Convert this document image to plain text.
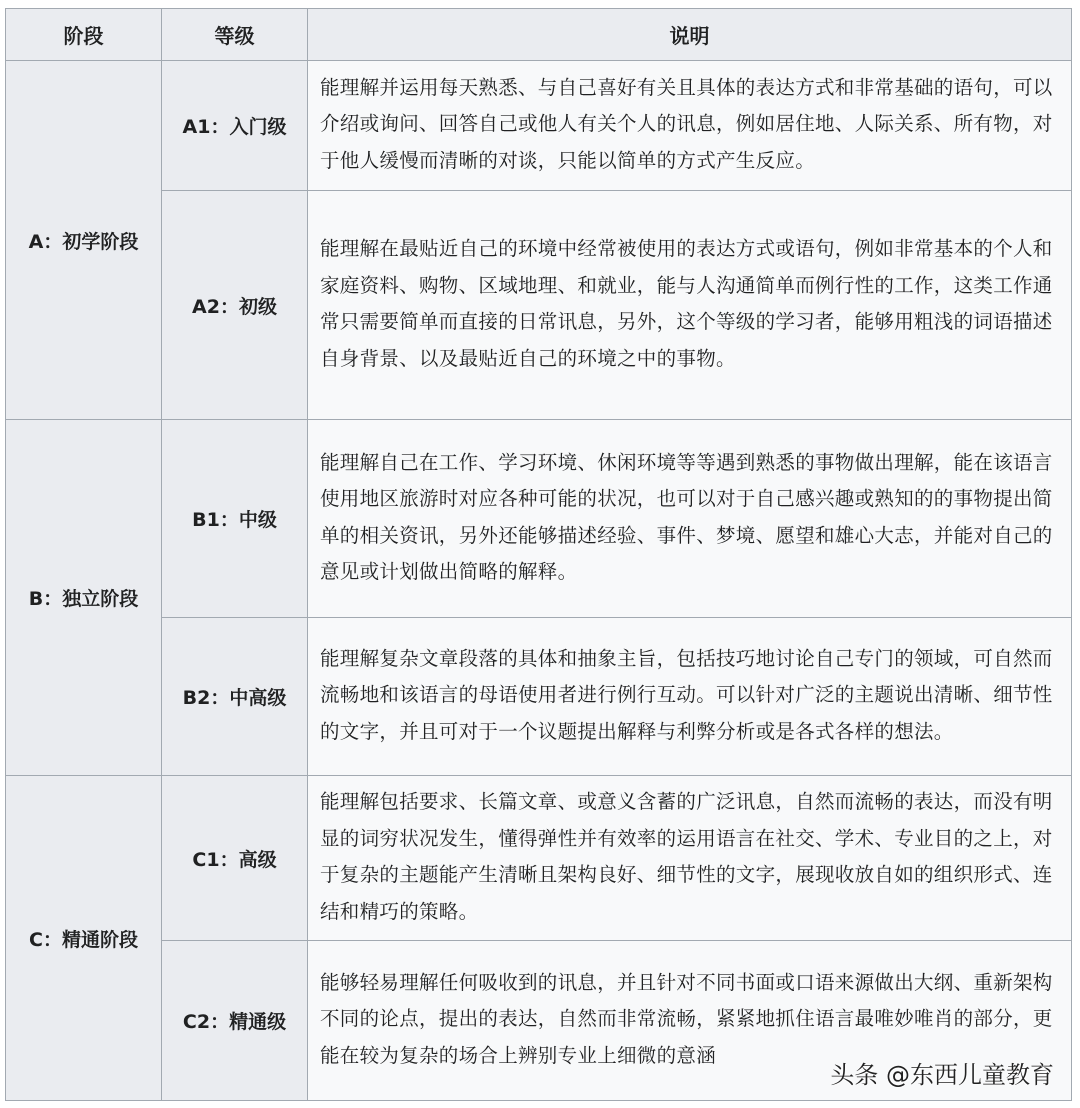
阶段	等级	说明
A：初学阶段	A1：入门级	能理解并运用每天熟悉、与自己喜好有关且具体的表达方式和非常基础的语句，可以介绍或询问、回答自己或他人有关个人的讯息，例如居住地、人际关系、所有物，对于他人缓慢而清晰的对谈，只能以简单的方式产生反应。
	A2：初级	能理解在最贴近自己的环境中经常被使用的表达方式或语句，例如非常基本的个人和家庭资料、购物、区域地理、和就业，能与人沟通简单而例行性的工作，这类工作通常只需要简单而直接的日常讯息，另外，这个等级的学习者，能够用粗浅的词语描述自身背景、以及最贴近自己的环境之中的事物。
B：独立阶段	B1：中级	能理解自己在工作、学习环境、休闲环境等等遇到熟悉的事物做出理解，能在该语言使用地区旅游时对应各种可能的状况，也可以对于自己感兴趣或熟知的的事物提出简单的相关资讯，另外还能够描述经验、事件、梦境、愿望和雄心大志，并能对自己的意见或计划做出简略的解释。
	B2：中高级	能理解复杂文章段落的具体和抽象主旨，包括技巧地讨论自己专门的领域，可自然而流畅地和该语言的母语使用者进行例行互动。可以针对广泛的主题说出清晰、细节性的文字，并且可对于一个议题提出解释与利弊分析或是各式各样的想法。
C：精通阶段	C1：高级	能理解包括要求、长篇文章、或意义含蓄的广泛讯息，自然而流畅的表达，而没有明显的词穷状况发生，懂得弹性并有效率的运用语言在社交、学术、专业目的之上，对于复杂的主题能产生清晰且架构良好、细节性的文字，展现收放自如的组织形式、连结和精巧的策略。
	C2：精通级	能够轻易理解任何吸收到的讯息，并且针对不同书面或口语来源做出大纲、重新架构不同的论点，提出的表达，自然而非常流畅，紧紧地抓住语言最唯妙唯肖的部分，更能在较为复杂的场合上辨别专业上细微的意涵
头条 @东西儿童教育
